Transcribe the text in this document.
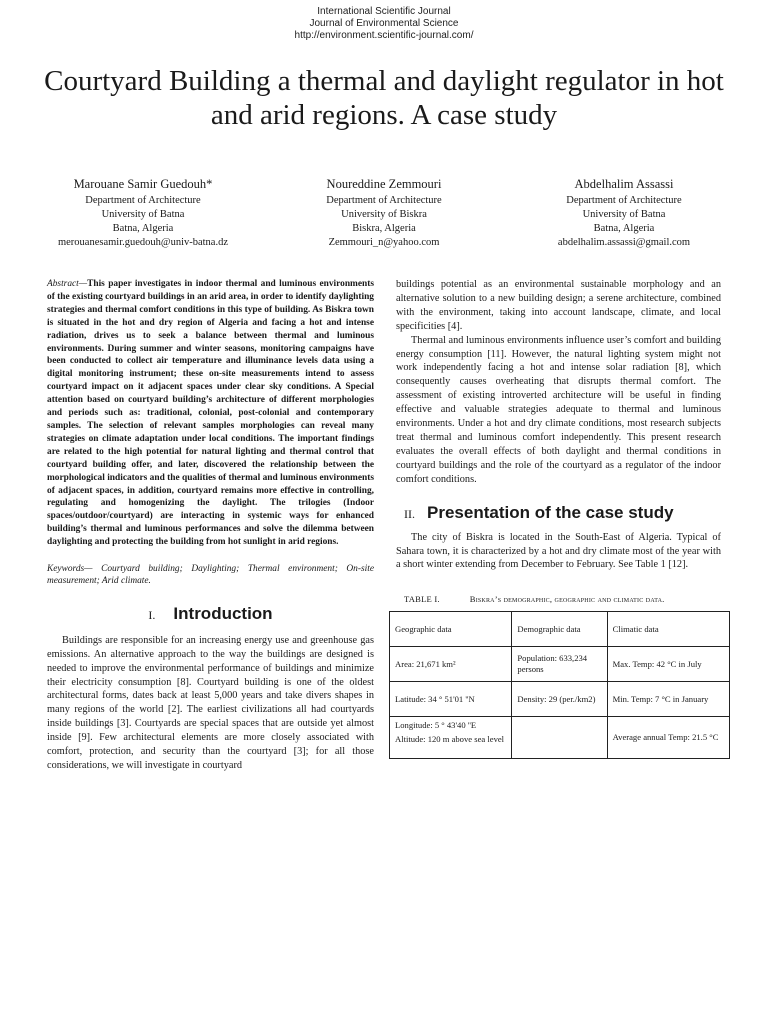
International Scientific Journal
Journal of Environmental Science
http://environment.scientific-journal.com/
Courtyard Building a thermal and daylight regulator in hot and arid regions. A case study
Marouane Samir Guedouh*
Department of Architecture
University of Batna
Batna, Algeria
merouanesamir.guedouh@univ-batna.dz
Noureddine Zemmouri
Department of Architecture
University of Biskra
Biskra, Algeria
Zemmouri_n@yahoo.com
Abdelhalim Assassi
Department of Architecture
University of Batna
Batna, Algeria
abdelhalim.assassi@gmail.com

Abstract—This paper investigates in indoor thermal and luminous environments of the existing courtyard buildings in an arid area, in order to identify daylighting strategies and thermal comfort conditions in this type of building. As Biskra town is situated in the hot and dry region of Algeria and facing a hot and intense radiation, drives us to seek a balance between thermal and luminous environments. During summer and winter seasons, monitoring campaigns have been conducted to collect air temperature and illuminance levels data using a digital monitoring instrument; these on-site measurements intend to assess courtyard impact on it adjacent spaces under clear sky conditions. A Special attention based on courtyard building’s architecture of different morphologies and periods such as: traditional, colonial, post-colonial and contemporary samples. The selection of relevant samples morphologies can reveal many strategies on climate adaptation under local conditions. The important findings are related to the high potential for natural lighting and thermal control that courtyard building offer, and later, discovered the relationship between the morphological indicators and the qualities of thermal and luminous environments of adjacent spaces, in addition, courtyard remains more effective in controlling, regulating and homogenizing the daylight. The trilogies (Indoor spaces/outdoor/courtyard) are interacting in systemic ways for enhanced building’s thermal and luminous performances and solve the dilemma between daylighting and protecting the building from hot sunlight in arid regions.

Keywords— Courtyard building; Daylighting; Thermal environment; On-site measurement; Arid climate.

I. Introduction

Buildings are responsible for an increasing energy use and greenhouse gas emissions. An alternative approach to the way the buildings are designed is needed to improve the environmental performance of buildings and minimize their electricity consumption [8]. Courtyard building is one of the oldest architectural forms, dates back at least 5,000 years and take divers shapes in many regions of the world [2]. The earliest civilizations all had courtyards inside buildings [3]. Courtyards are special spaces that are outside yet almost inside [9]. Few architectural elements are more closely associated with comfort, protection, and security than the courtyard [3]; for all those considerations, we will investigate in courtyard

buildings potential as an environmental sustainable morphology and an alternative solution to a new building design; a serene architecture, combined with the environment, taking into account landscape, climate, and local specificities [4].

Thermal and luminous environments influence user’s comfort and building energy consumption [11]. However, the natural lighting system might not work independently facing a hot and intense solar radiation [8], which consequently causes overheating that disrupts thermal comfort. The assessment of existing introverted architecture will be useful in finding effective and valuable strategies adequate to thermal and luminous environments. Under a hot and dry climate conditions, most research subjects treat thermal and luminous comfort independently. This present research evaluates the overall effects of both daylight and thermal conditions in courtyard buildings and the role of the courtyard as a regulator of the indoor comfort conditions.

II. Presentation of the case study

The city of Biskra is located in the South-East of Algeria. Typical of Sahara town, it is characterized by a hot and dry climate most of the year with a short winter extending from December to February. See Table 1 [12].

TABLE I.	Biskra’s demographic, geographic and climatic data.
Geographic data	Demographic data	Climatic data
Area: 21,671 km²	Population: 633,234 persons	Max. Temp: 42 °C in July
Latitude: 34 ° 51'01 ''N	Density: 29 (per./km2)	Min. Temp: 7 °C in January

Longitude: 5 ° 43'40 ''E
Altitude: 120 m above sea level		Average annual Temp: 21.5 °C
